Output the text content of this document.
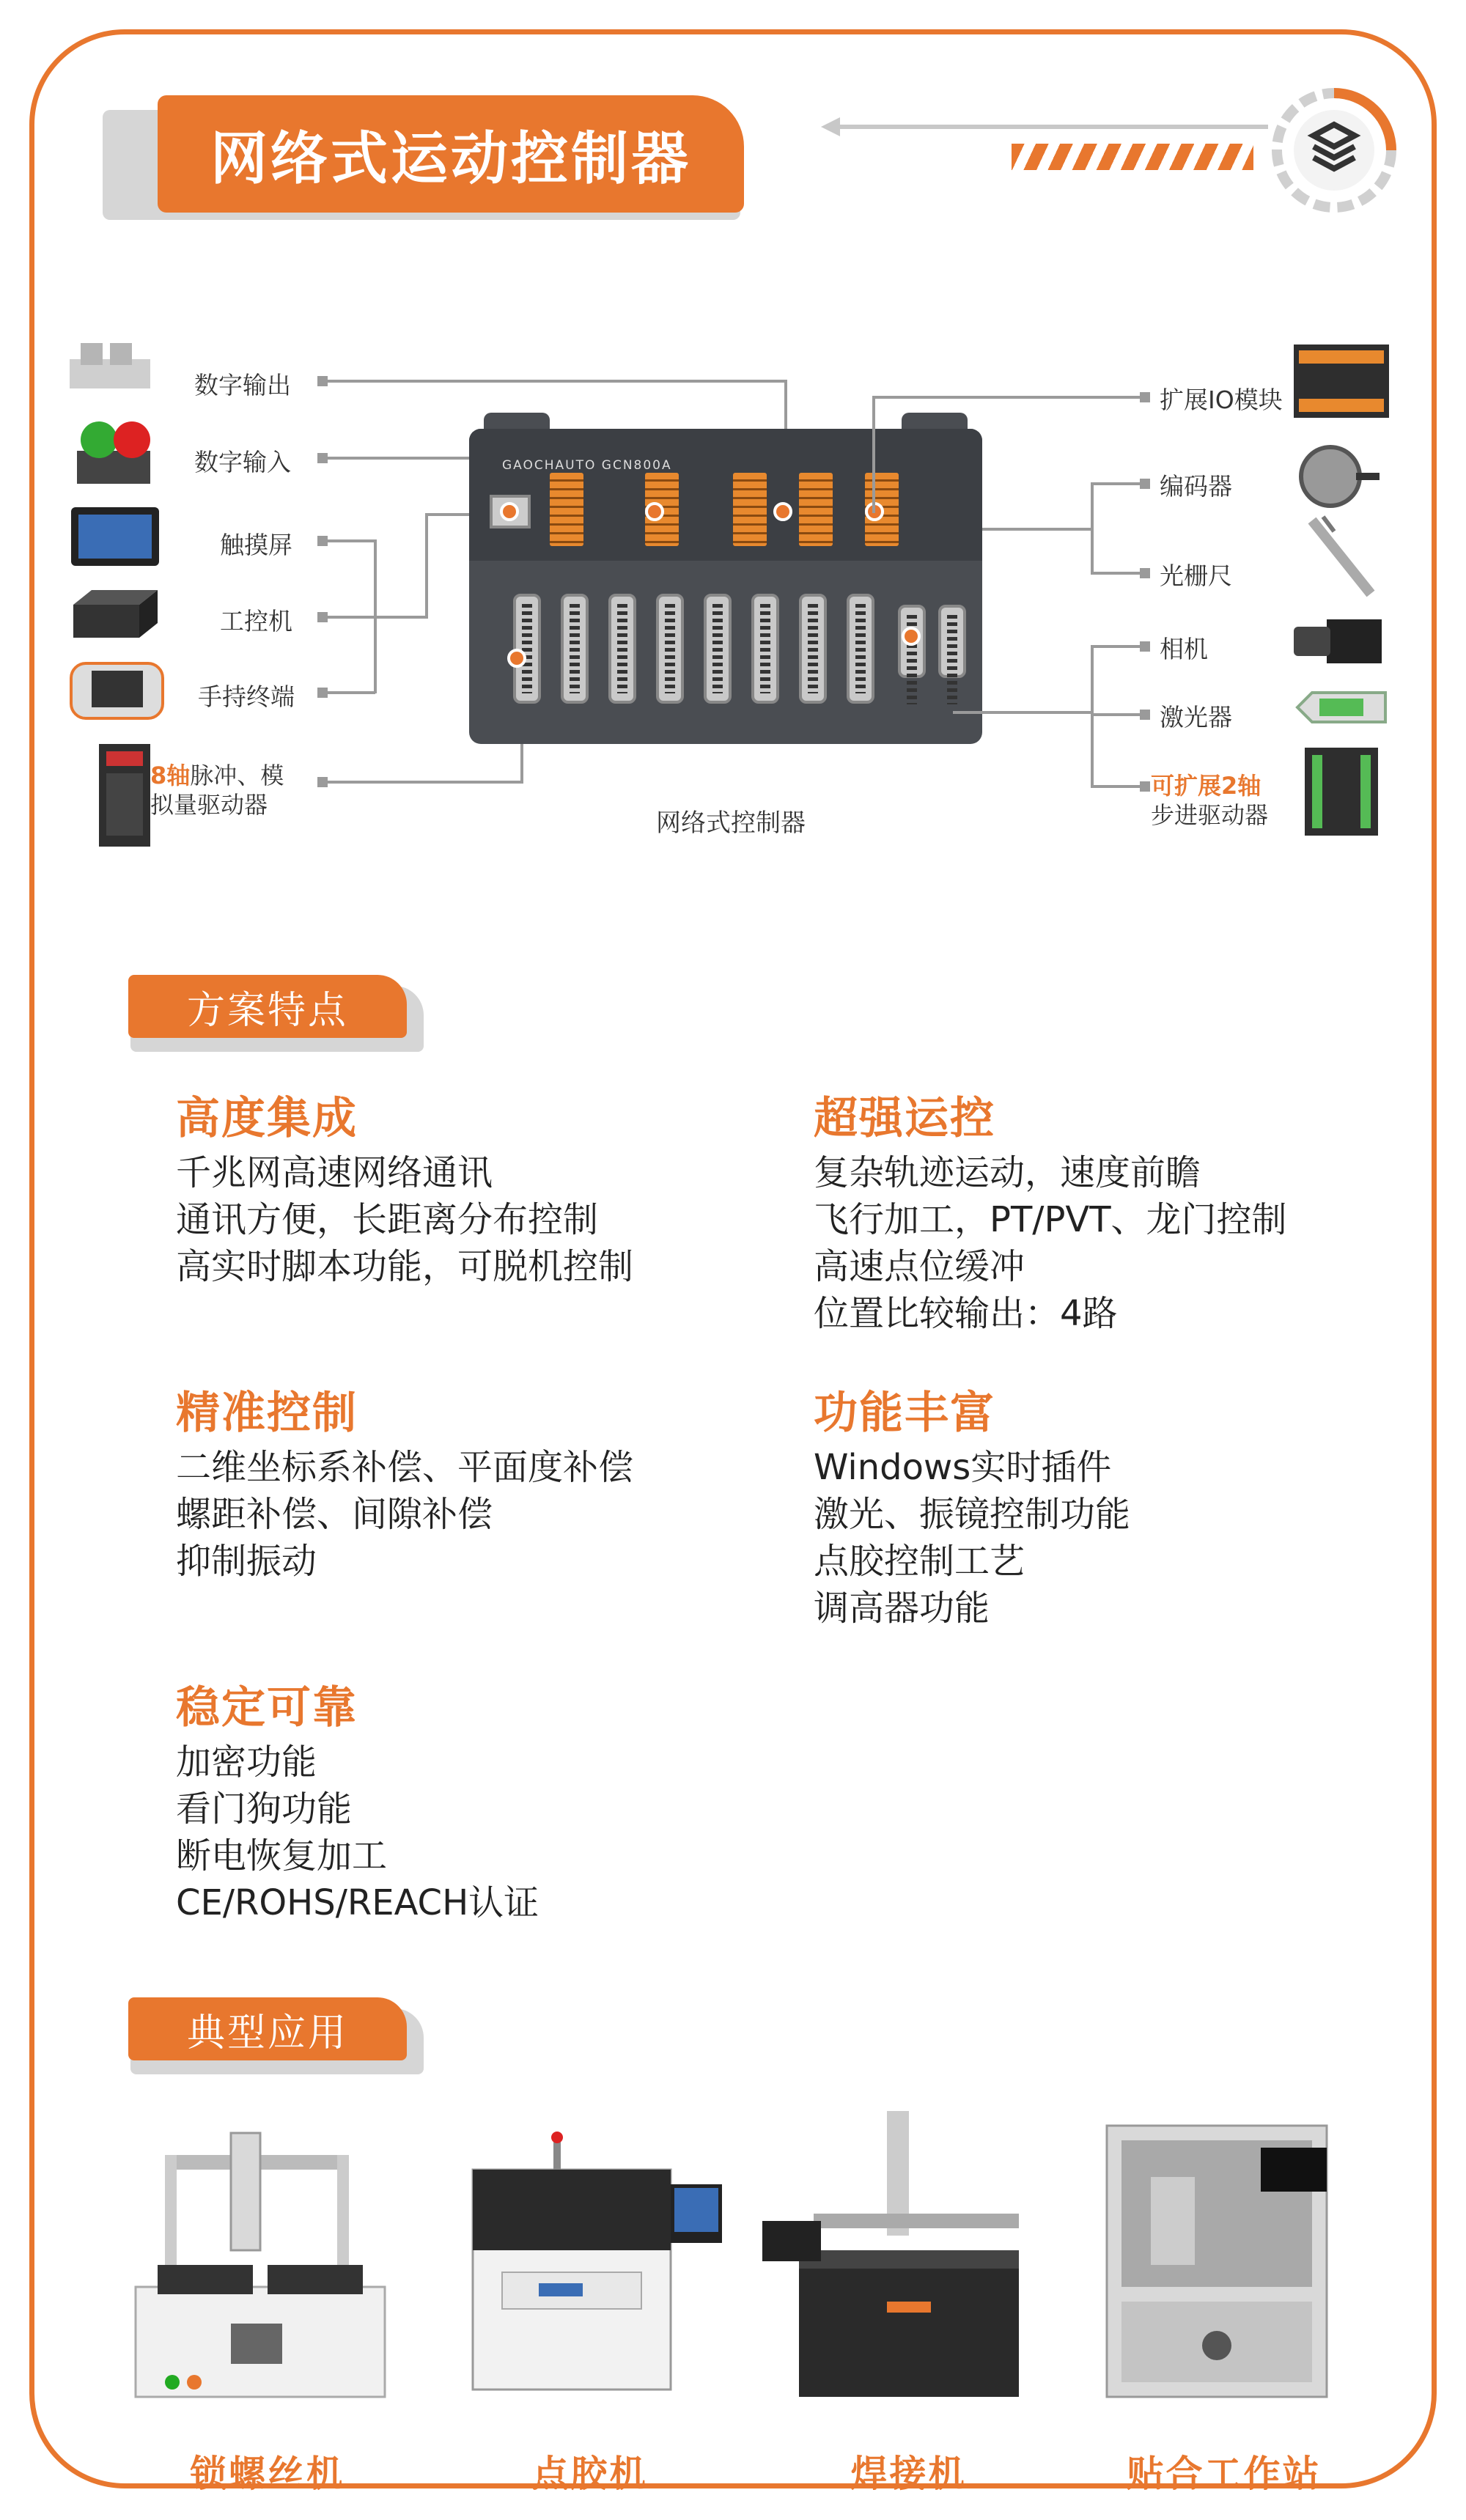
网络式运动控制器
数字输出
数字输入
触摸屏
工控机
手持终端
8轴脉冲、模
拟量驱动器
GAOCHAUTO GCN800A
扩展IO模块
编码器
光栅尺
相机
激光器
可扩展2轴
步进驱动器
网络式控制器
方案特点
高度集成
千兆网高速网络通讯
通讯方便，长距离分布控制
高实时脚本功能，可脱机控制
超强运控
复杂轨迹运动，速度前瞻
飞行加工，PT/PVT、龙门控制
高速点位缓冲
位置比较输出：4路
精准控制
二维坐标系补偿、平面度补偿
螺距补偿、间隙补偿
抑制振动
功能丰富
Windows实时插件
激光、振镜控制功能
点胶控制工艺
调高器功能
稳定可靠
加密功能
看门狗功能
断电恢复加工
CE/ROHS/REACH认证
典型应用
锁螺丝机	点胶机	焊接机	贴合工作站
